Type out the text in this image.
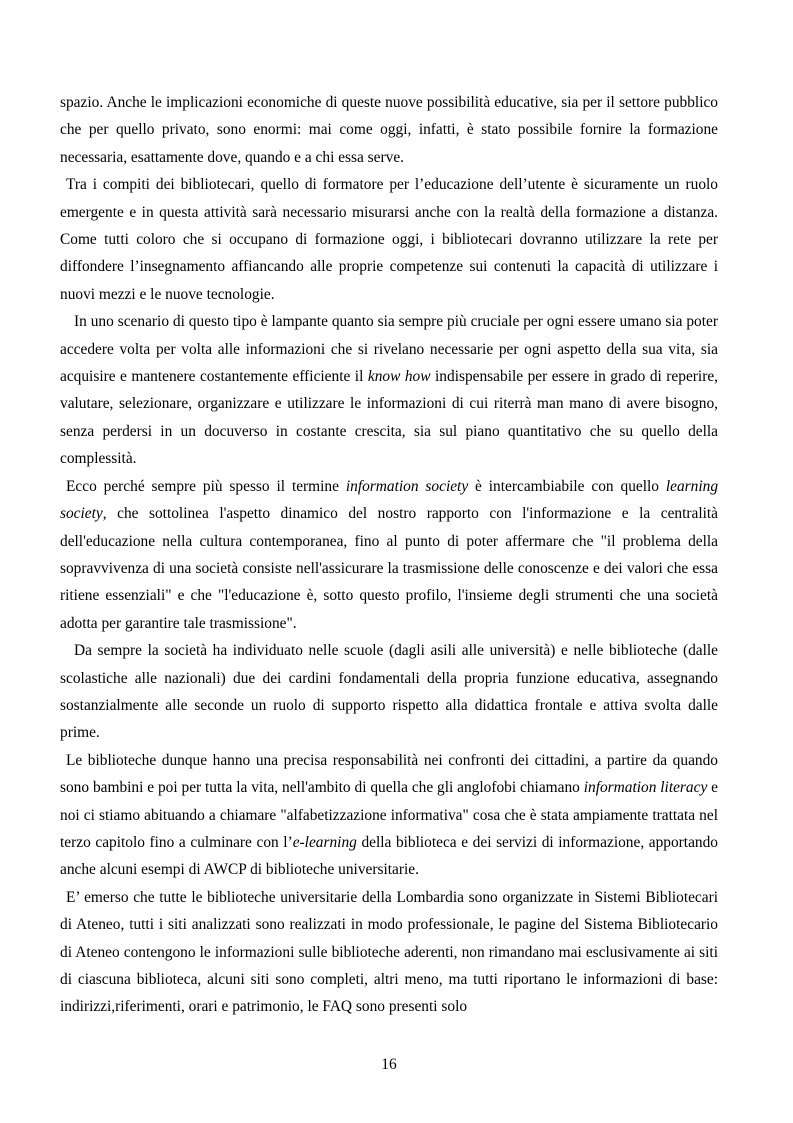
spazio. Anche le implicazioni economiche di queste nuove possibilità educative, sia per il settore pubblico che per quello privato, sono enormi: mai come oggi, infatti, è stato possibile fornire la formazione necessaria, esattamente dove, quando e a chi essa serve.

Tra i compiti dei bibliotecari, quello di formatore per l’educazione dell’utente è sicuramente un ruolo emergente e in questa attività sarà necessario misurarsi anche con la realtà della formazione a distanza. Come tutti coloro che si occupano di formazione oggi, i bibliotecari dovranno utilizzare la rete per diffondere l’insegnamento affiancando alle proprie competenze sui contenuti la capacità di utilizzare i nuovi mezzi e le nuove tecnologie.

In uno scenario di questo tipo è lampante quanto sia sempre più cruciale per ogni essere umano sia poter accedere volta per volta alle informazioni che si rivelano necessarie per ogni aspetto della sua vita, sia acquisire e mantenere costantemente efficiente il know how indispensabile per essere in grado di reperire, valutare, selezionare, organizzare e utilizzare le informazioni di cui riterrà man mano di avere bisogno, senza perdersi in un docuverso in costante crescita, sia sul piano quantitativo che su quello della complessità.

Ecco perché sempre più spesso il termine information society è intercambiabile con quello learning society, che sottolinea l'aspetto dinamico del nostro rapporto con l'informazione e la centralità dell'educazione nella cultura contemporanea, fino al punto di poter affermare che "il problema della sopravvivenza di una società consiste nell'assicurare la trasmissione delle conoscenze e dei valori che essa ritiene essenziali" e che "l'educazione è, sotto questo profilo, l'insieme degli strumenti che una società adotta per garantire tale trasmissione".

Da sempre la società ha individuato nelle scuole (dagli asili alle università) e nelle biblioteche (dalle scolastiche alle nazionali) due dei cardini fondamentali della propria funzione educativa, assegnando sostanzialmente alle seconde un ruolo di supporto rispetto alla didattica frontale e attiva svolta dalle prime.

Le biblioteche dunque hanno una precisa responsabilità nei confronti dei cittadini, a partire da quando sono bambini e poi per tutta la vita, nell'ambito di quella che gli anglofobi chiamano information literacy e noi ci stiamo abituando a chiamare "alfabetizzazione informativa" cosa che è stata ampiamente trattata nel terzo capitolo fino a culminare con l’e-learning della biblioteca e dei servizi di informazione, apportando anche alcuni esempi di AWCP di biblioteche universitarie.

E’ emerso che tutte le biblioteche universitarie della Lombardia sono organizzate in Sistemi Bibliotecari di Ateneo, tutti i siti analizzati sono realizzati in modo professionale, le pagine del Sistema Bibliotecario di Ateneo contengono le informazioni sulle biblioteche aderenti, non rimandano mai esclusivamente ai siti di ciascuna biblioteca, alcuni siti sono completi, altri meno, ma tutti riportano le informazioni di base: indirizzi,riferimenti, orari e patrimonio, le FAQ sono presenti solo

16
